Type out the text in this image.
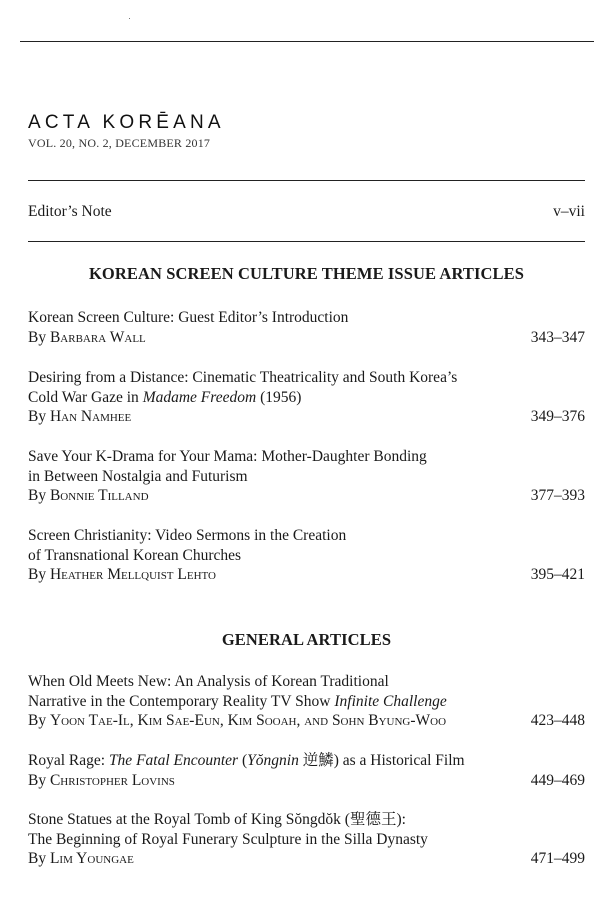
ACTA KORĒANA
VOL. 20, NO. 2, DECEMBER 2017
Editor’s Note	v–vii
KOREAN SCREEN CULTURE THEME ISSUE ARTICLES
Korean Screen Culture: Guest Editor’s Introduction
By Barbara Wall	343–347
Desiring from a Distance: Cinematic Theatricality and South Korea’s
Cold War Gaze in Madame Freedom (1956)
By Han Namhee	349–376
Save Your K-Drama for Your Mama: Mother-Daughter Bonding
in Between Nostalgia and Futurism
By Bonnie Tilland	377–393
Screen Christianity: Video Sermons in the Creation
of Transnational Korean Churches
By Heather Mellquist Lehto	395–421
GENERAL ARTICLES
When Old Meets New: An Analysis of Korean Traditional
Narrative in the Contemporary Reality TV Show Infinite Challenge
By Yoon Tae-Il, Kim Sae-Eun, Kim Sooah, and Sohn Byung-Woo	423–448
Royal Rage: The Fatal Encounter (Yŏngnin 逆鱗) as a Historical Film
By Christopher Lovins	449–469
Stone Statues at the Royal Tomb of King Sŏngdŏk (聖德王):
The Beginning of Royal Funerary Sculpture in the Silla Dynasty
By Lim Youngae	471–499
